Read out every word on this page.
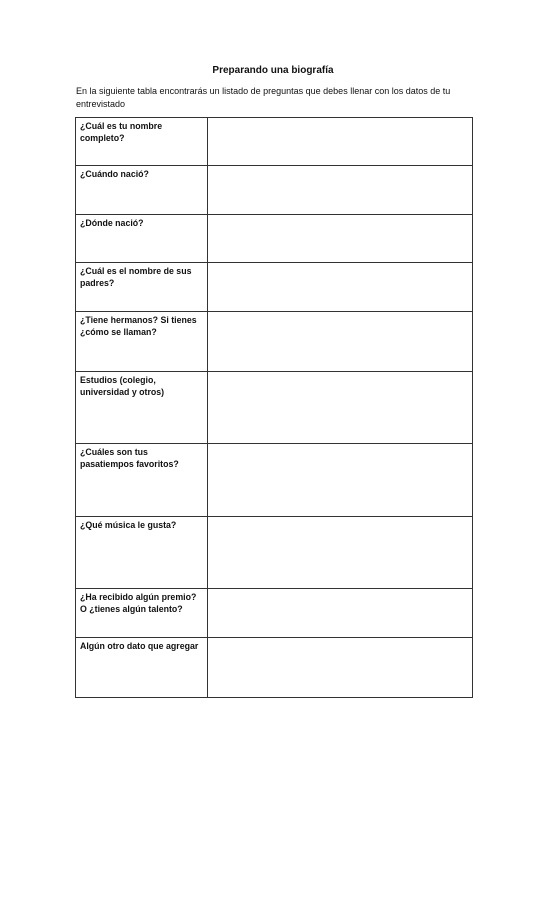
Preparando una biografía
En la siguiente tabla encontrarás un listado de preguntas que debes llenar con los datos de tu entrevistado
¿Cuál es tu nombre completo?	

¿Cuándo nació?	

¿Dónde nació?	

¿Cuál es el nombre de sus padres?	

¿Tiene hermanos? Si tienes ¿cómo se llaman?	

Estudios (colegio, universidad y otros)	

¿Cuáles son tus pasatiempos favoritos?	

¿Qué música le gusta?	

¿Ha recibido algún premio? O ¿tienes algún talento?	

Algún otro dato que agregar	
